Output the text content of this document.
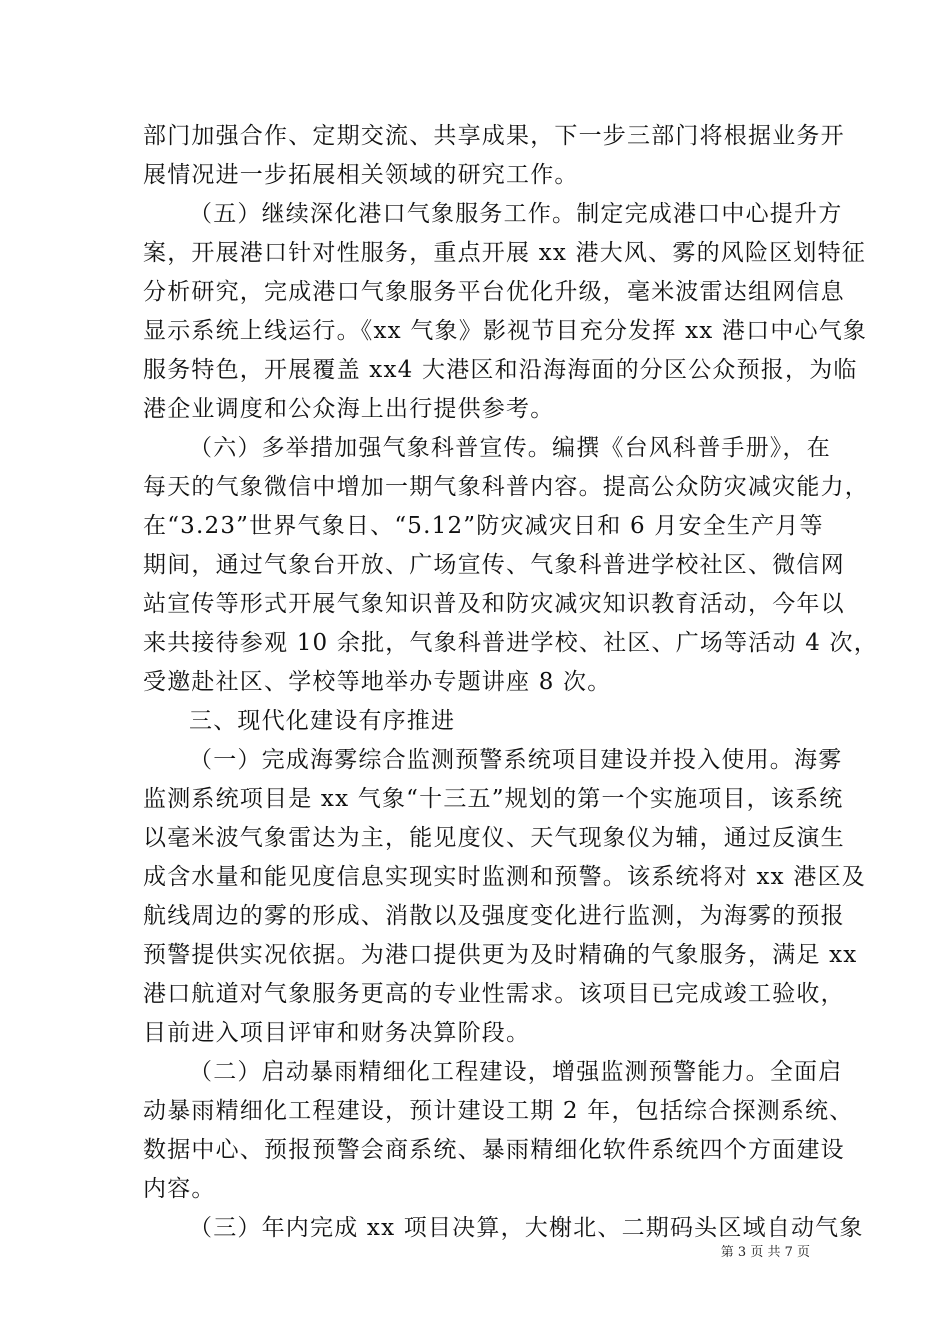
部门加强合作、定期交流、共享成果，下一步三部门将根据业务开
展情况进一步拓展相关领域的研究工作。
（五）继续深化港口气象服务工作。制定完成港口中心提升方
案，开展港口针对性服务，重点开展 xx 港大风、雾的风险区划特征
分析研究，完成港口气象服务平台优化升级，毫米波雷达组网信息
显示系统上线运行。《xx 气象》影视节目充分发挥 xx 港口中心气象
服务特色，开展覆盖 xx4 大港区和沿海海面的分区公众预报，为临
港企业调度和公众海上出行提供参考。
（六）多举措加强气象科普宣传。编撰《台风科普手册》，在
每天的气象微信中增加一期气象科普内容。提高公众防灾减灾能力，
在“3.23”世界气象日、“5.12”防灾减灾日和 6 月安全生产月等
期间，通过气象台开放、广场宣传、气象科普进学校社区、微信网
站宣传等形式开展气象知识普及和防灾减灾知识教育活动，今年以
来共接待参观 10 余批，气象科普进学校、社区、广场等活动 4 次，
受邀赴社区、学校等地举办专题讲座 8 次。
三、现代化建设有序推进
（一）完成海雾综合监测预警系统项目建设并投入使用。海雾
监测系统项目是 xx 气象“十三五”规划的第一个实施项目，该系统
以毫米波气象雷达为主，能见度仪、天气现象仪为辅，通过反演生
成含水量和能见度信息实现实时监测和预警。该系统将对 xx 港区及
航线周边的雾的形成、消散以及强度变化进行监测，为海雾的预报
预警提供实况依据。为港口提供更为及时精确的气象服务，满足 xx
港口航道对气象服务更高的专业性需求。该项目已完成竣工验收，
目前进入项目评审和财务决算阶段。
（二）启动暴雨精细化工程建设，增强监测预警能力。全面启
动暴雨精细化工程建设，预计建设工期 2 年，包括综合探测系统、
数据中心、预报预警会商系统、暴雨精细化软件系统四个方面建设
内容。
（三）年内完成 xx 项目决算，大榭北、二期码头区域自动气象
第 3 页 共 7 页
